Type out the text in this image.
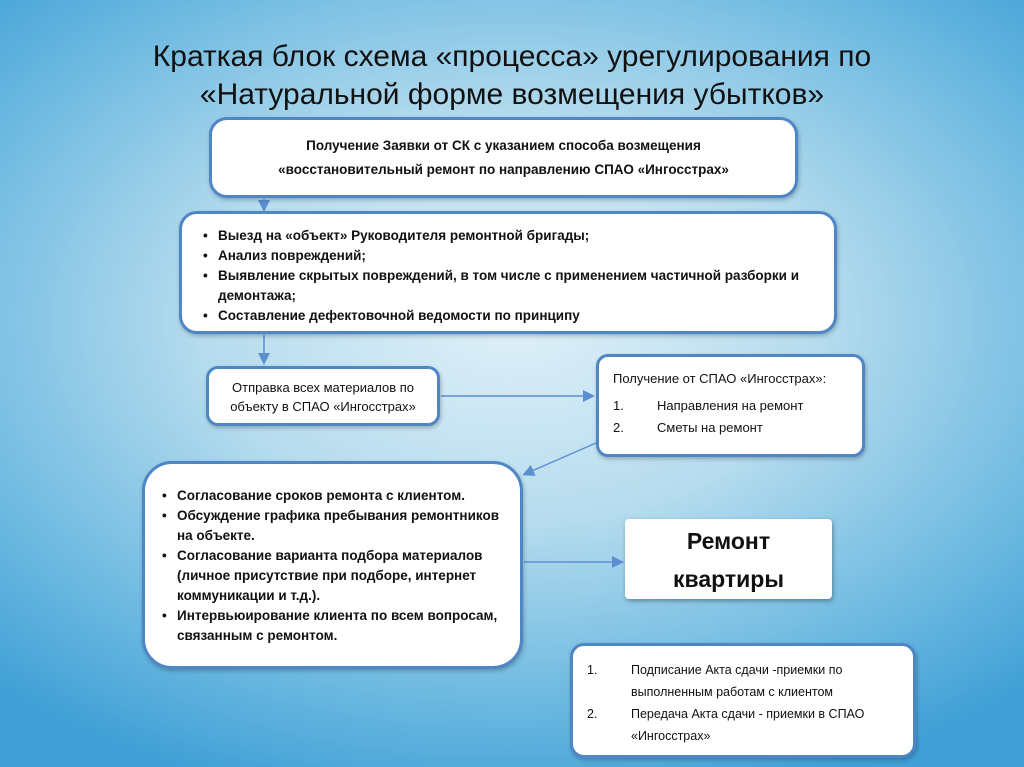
Краткая блок схема «процесса» урегулирования по
«Натуральной форме возмещения убытков»
Получение Заявки от СК с указанием способа возмещения
«восстановительный ремонт по направлению СПАО «Ингосстрах»
• Выезд на «объект» Руководителя ремонтной бригады;
• Анализ повреждений;
• Выявление скрытых повреждений, в том числе с применением частичной разборки и демонтажа;
• Составление дефектовочной ведомости по принципу
Отправка всех материалов по объекту в СПАО «Ингосстрах»
Получение от СПАО «Ингосстрах»:
1.	Направления на ремонт
2.	Сметы на ремонт
• Согласование сроков ремонта с клиентом.
• Обсуждение графика пребывания ремонтников на объекте.
• Согласование варианта подбора материалов (личное присутствие при подборе, интернет коммуникации и т.д.).
• Интервьюирование клиента по всем вопросам, связанным с ремонтом.
Ремонт
квартиры
1.	Подписание Акта сдачи -приемки по выполненным работам с клиентом
2.	Передача Акта сдачи - приемки в СПАО «Ингосстрах»
